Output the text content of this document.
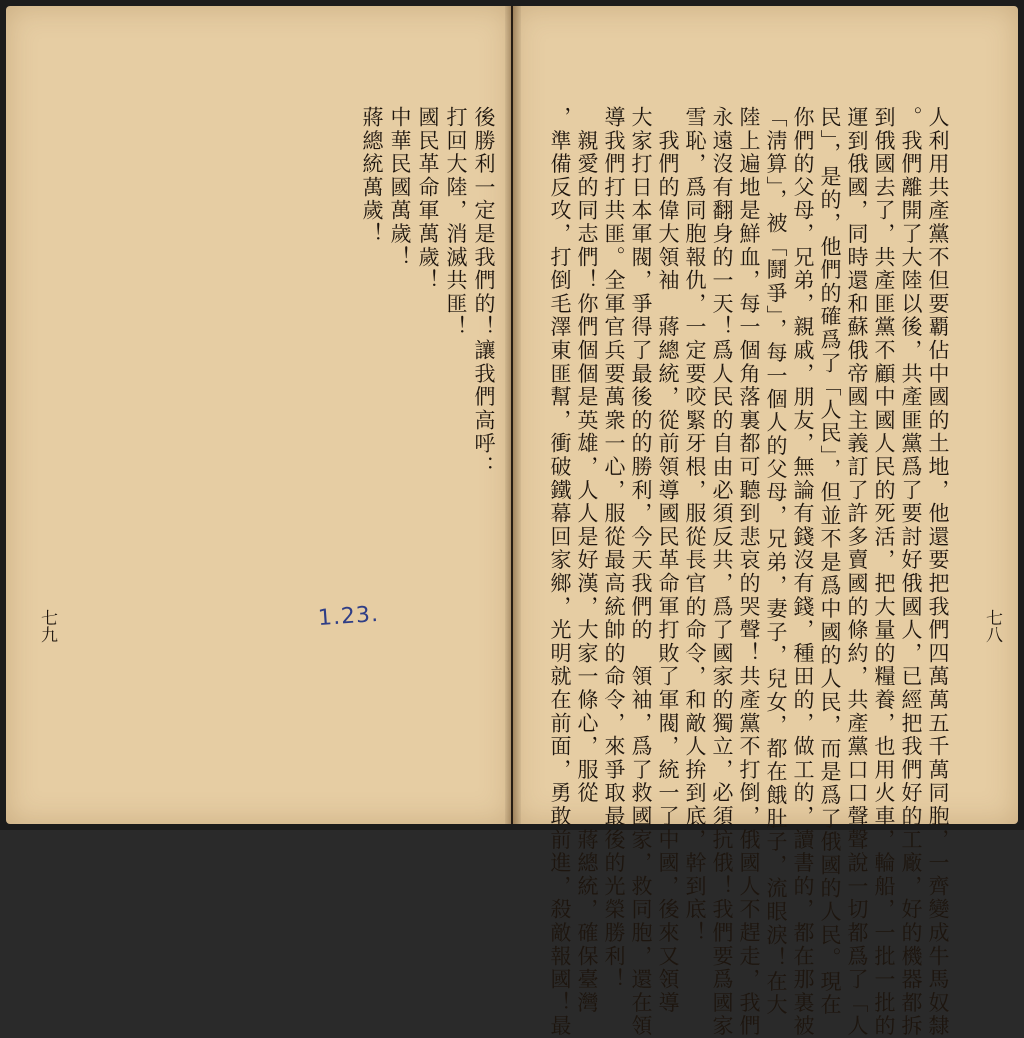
後勝利一定是我們的！讓我們高呼：
打回大陸，消滅共匪！
國民革命軍萬歲！
中華民國萬歲！
蔣總統萬歲！
1.23.
七九	人利用共產黨不但要覇佔中國的土地，他還要把我們四萬萬五千萬同胞，一齊變成牛馬奴隸
。我們離開了大陸以後，共產匪黨爲了要討好俄國人，已經把我們好的工廠，好的機器都拆
到俄國去了，共產匪黨不顧中國人民的死活，把大量的糧養，也用火車，輪船，一批一批的
運到俄國，同時還和蘇俄帝國主義訂了許多賣國的條約，共產黨口口聲聲說一切都爲了「人
民」，是的，他們的確爲了「人民」，但並不是爲中國的人民，而是爲了俄國的人民。現在
你們的父母，兄弟，親戚，朋友，無論有錢沒有錢，種田的，做工的，讀書的，都在那裏被
「淸算」，被「鬪爭」，每一個人的父母，兄弟，妻子，兒女，都在餓肚子，流眼淚！在大
陸上遍地是鮮血，每一個角落裏都可聽到悲哀的哭聲！共產黨不打倒，俄國人不趕走，我們
永遠沒有翻身的一天！爲人民的自由必須反共，爲了國家的獨立，必須抗俄！我們要爲國家
雪恥，爲同胞報仇，一定要咬緊牙根，服從長官的命令，和敵人拚到底，幹到底！
　我們的偉大領袖　蔣總統，從前領導國民革命軍打敗了軍閥，統一了中國，後來又領導
大家打日本軍閥，爭得了最後的的勝利，今天我們的　領袖，爲了救國家，救同胞，還在領
導我們打共匪。全軍官兵要萬衆一心，服從最高統帥的命令，來爭取最後的光榮勝利！
　親愛的同志們！你們個個是英雄，人人是好漢，大家一條心，服從　蔣總統，確保臺灣
，準備反攻，打倒毛澤東匪幫，衝破鐵幕回家鄉，光明就在前面，勇敢前進，殺敵報國！最	七八
